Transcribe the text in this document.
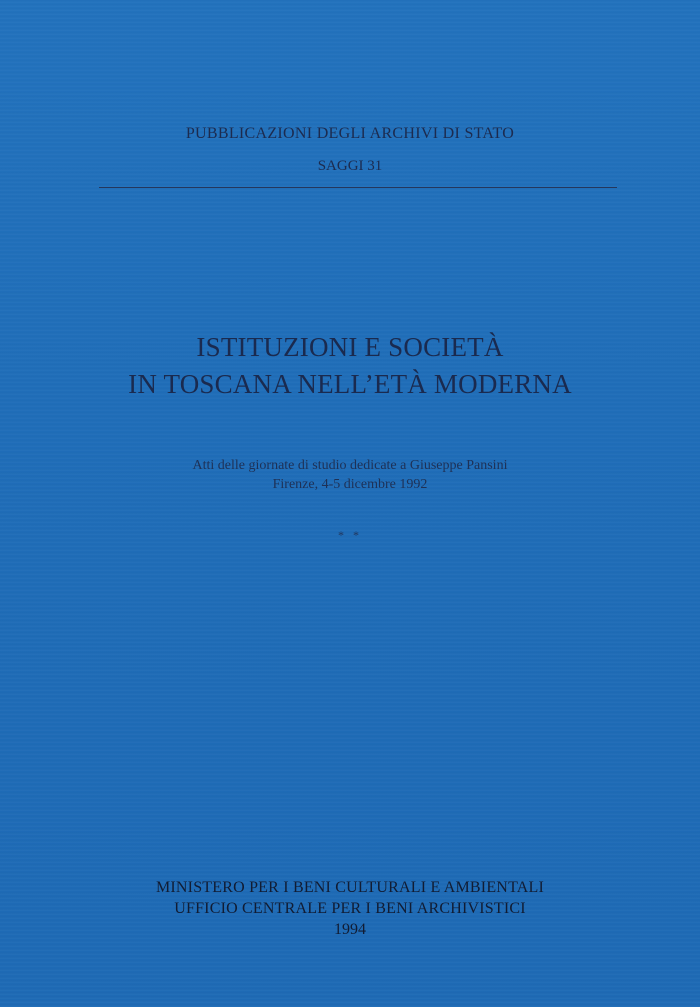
PUBBLICAZIONI DEGLI ARCHIVI DI STATO
SAGGI 31
ISTITUZIONI E SOCIETÀ
IN TOSCANA NELL’ETÀ MODERNA
Atti delle giornate di studio dedicate a Giuseppe Pansini
Firenze, 4-5 dicembre 1992
* *
MINISTERO PER I BENI CULTURALI E AMBIENTALI
UFFICIO CENTRALE PER I BENI ARCHIVISTICI
1994
